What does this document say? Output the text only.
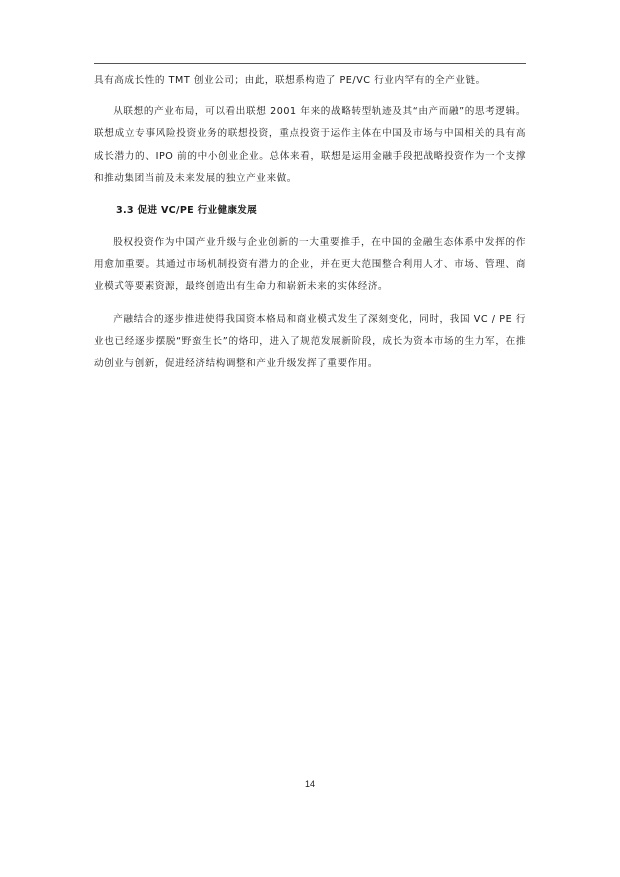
具有高成长性的 TMT 创业公司；由此，联想系构造了 PE/VC 行业内罕有的全产业链。

从联想的产业布局，可以看出联想 2001 年来的战略转型轨迹及其“由产而融”的思考逻辑。联想成立专事风险投资业务的联想投资，重点投资于运作主体在中国及市场与中国相关的具有高成长潜力的、IPO 前的中小创业企业。总体来看，联想是运用金融手段把战略投资作为一个支撑和推动集团当前及未来发展的独立产业来做。

3.3 促进 VC/PE 行业健康发展

股权投资作为中国产业升级与企业创新的一大重要推手，在中国的金融生态体系中发挥的作用愈加重要。其通过市场机制投资有潜力的企业，并在更大范围整合利用人才、市场、管理、商业模式等要素资源，最终创造出有生命力和崭新未来的实体经济。

产融结合的逐步推进使得我国资本格局和商业模式发生了深刻变化，同时，我国 VC / PE 行业也已经逐步摆脱“野蛮生长”的烙印，进入了规范发展新阶段，成长为资本市场的生力军，在推动创业与创新，促进经济结构调整和产业升级发挥了重要作用。

14
